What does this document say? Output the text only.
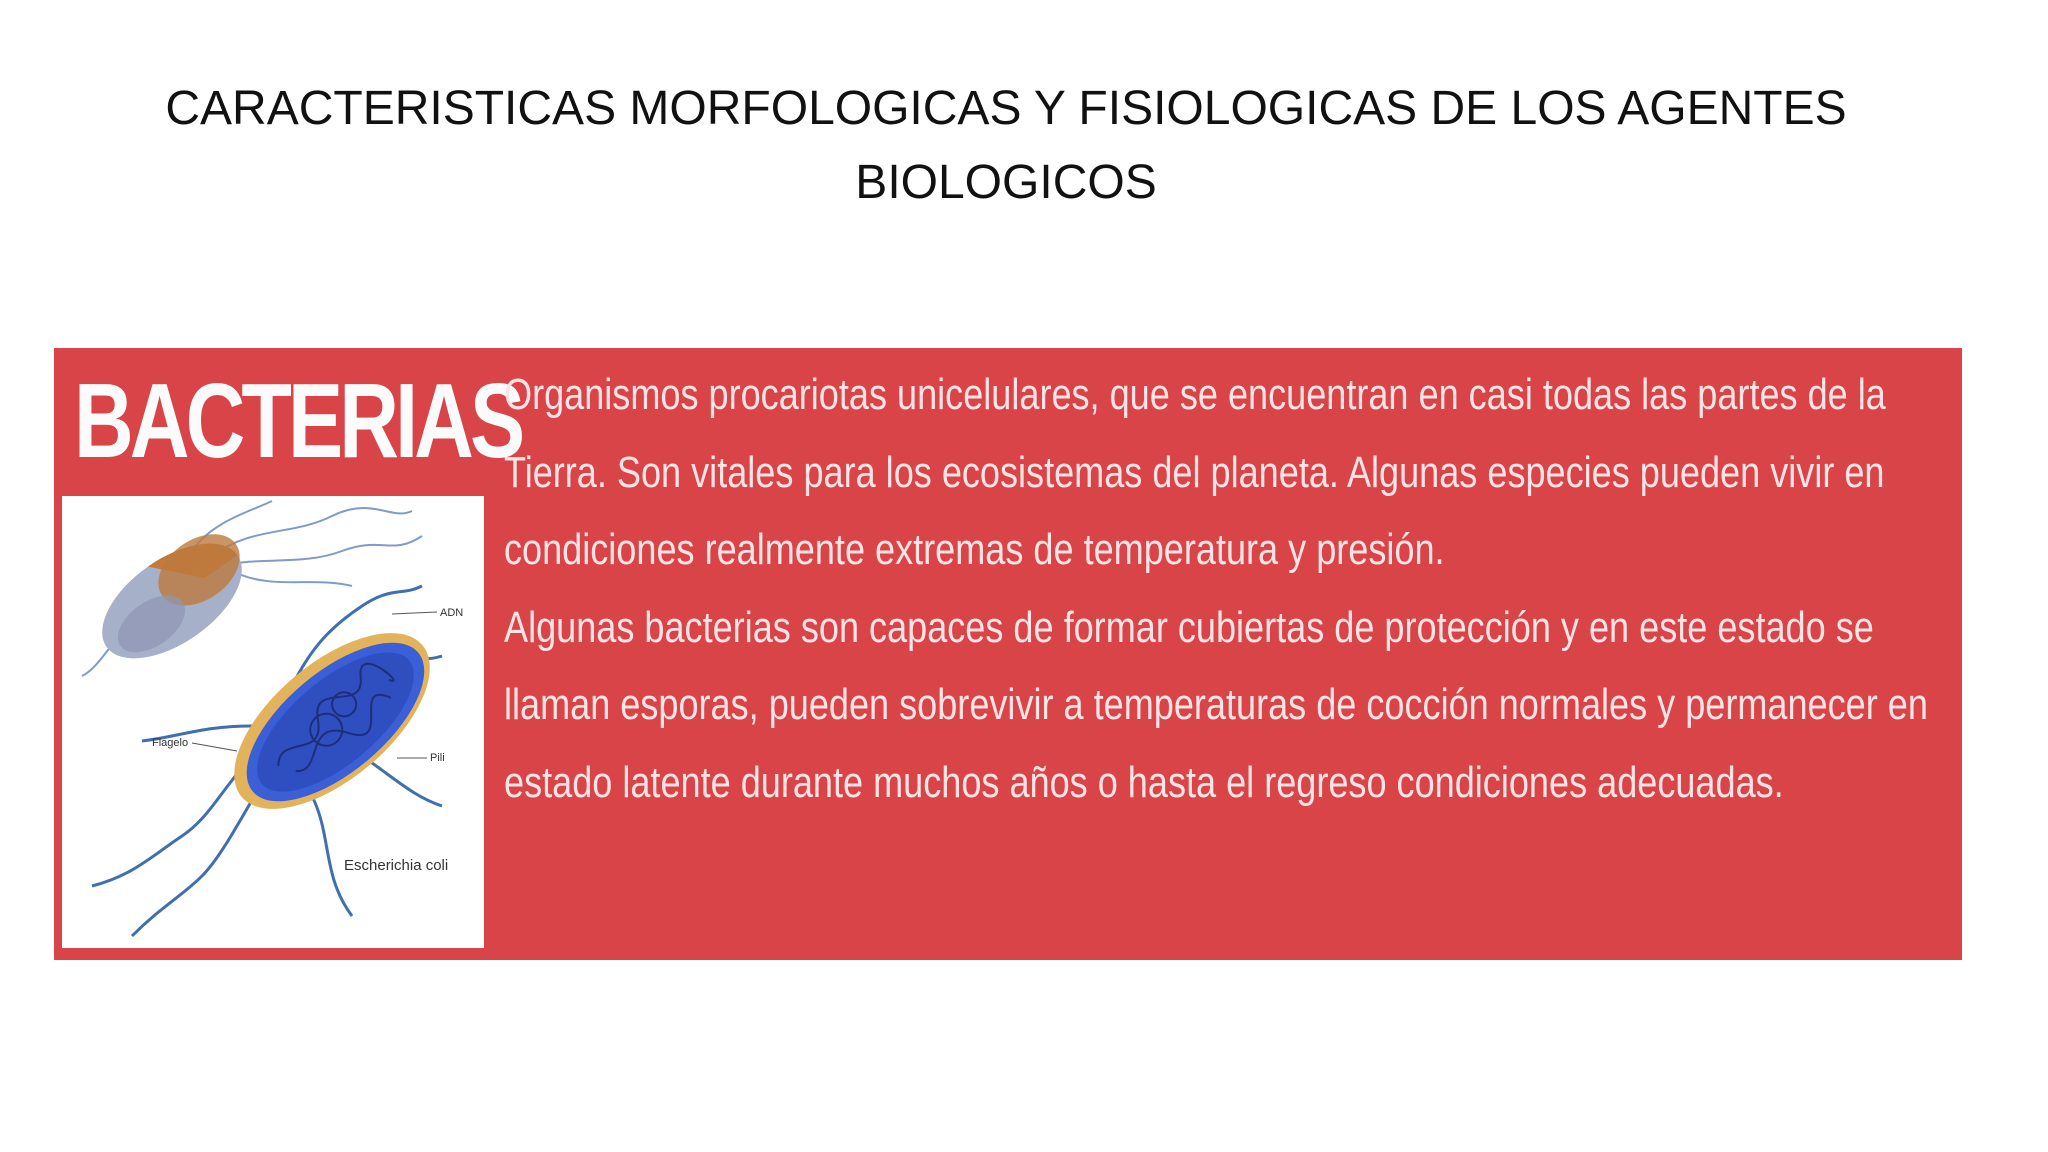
CARACTERISTICAS MORFOLOGICAS Y FISIOLOGICAS DE LOS AGENTES
BIOLOGICOS
BACTERIAS
ADN
Flagelo
Pili
Escherichia coli

Organismos procariotas unicelulares, que se encuentran en casi todas las partes de la Tierra. Son vitales para los ecosistemas del planeta. Algunas especies pueden vivir en condiciones realmente extremas de temperatura y presión.

Algunas bacterias son capaces de formar cubiertas de protección y en este estado se llaman esporas, pueden sobrevivir a temperaturas de cocción normales y permanecer en estado latente durante muchos años o hasta el regreso condiciones adecuadas.
